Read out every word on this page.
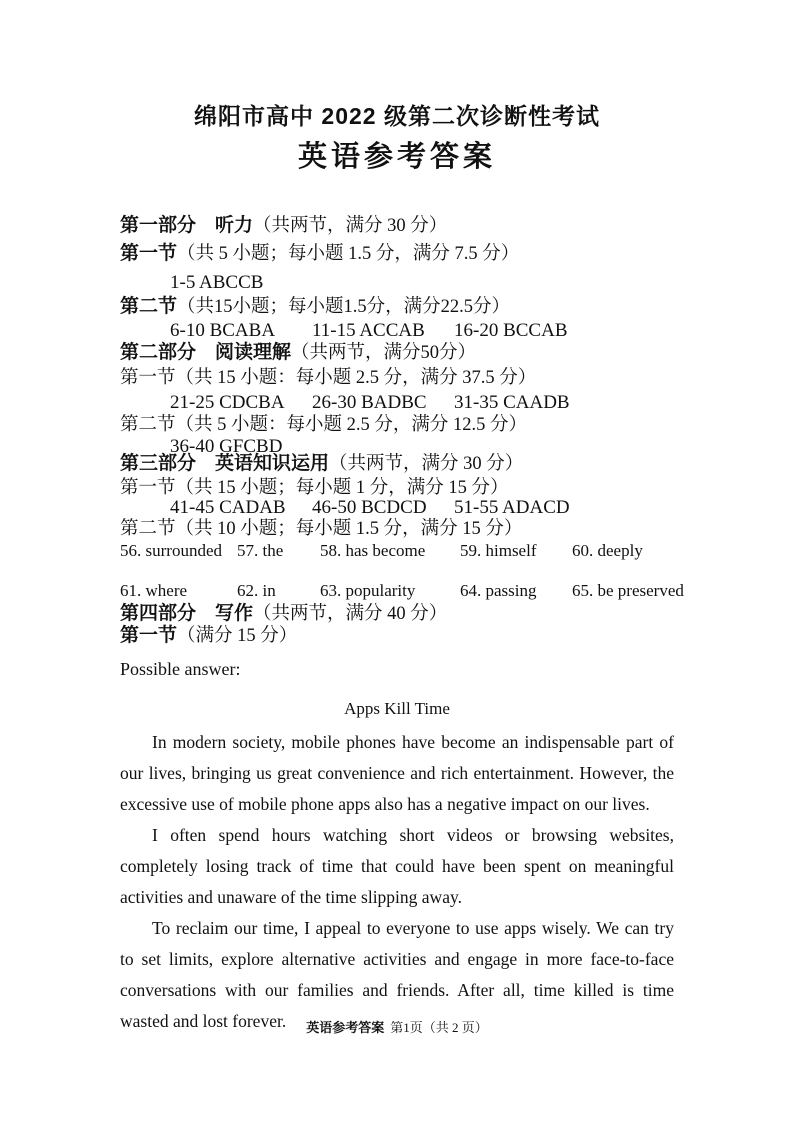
绵阳市高中 2022 级第二次诊断性考试
英语参考答案
第一部分　听力（共两节，满分 30 分）
第一节（共 5 小题；每小题 1.5 分，满分 7.5 分）
1-5 ABCCB
第二节（共15小题；每小题1.5分，满分22.5分）
6-10 BCABA	11-15 ACCAB	16-20 BCCAB
第二部分　阅读理解（共两节，满分50分）
第一节（共 15 小题：每小题 2.5 分，满分 37.5 分）
21-25 CDCBA	26-30 BADBC	31-35 CAADB
第二节（共 5 小题：每小题 2.5 分，满分 12.5 分）
36-40 GFCBD
第三部分　英语知识运用（共两节，满分 30 分）
第一节（共 15 小题；每小题 1 分，满分 15 分）
41-45 CADAB	46-50 BCDCD	51-55 ADACD
第二节（共 10 小题；每小题 1.5 分，满分 15 分）
56. surrounded 57. the	58. has become	59. himself	60. deeply
61. where	62. in	63. popularity	64. passing	65. be preserved
第四部分　写作（共两节，满分 40 分）
第一节（满分 15 分）
Possible answer:
Apps Kill Time

In modern society, mobile phones have become an indispensable part of our lives, bringing us great convenience and rich entertainment. However, the excessive use of mobile phone apps also has a negative impact on our lives.

I often spend hours watching short videos or browsing websites, completely losing track of time that could have been spent on meaningful activities and unaware of the time slipping away.

To reclaim our time, I appeal to everyone to use apps wisely. We can try to set limits, explore alternative activities and engage in more face-to-face conversations with our families and friends. After all, time killed is time wasted and lost forever.	英语参考答案 第1页（共 2 页）
